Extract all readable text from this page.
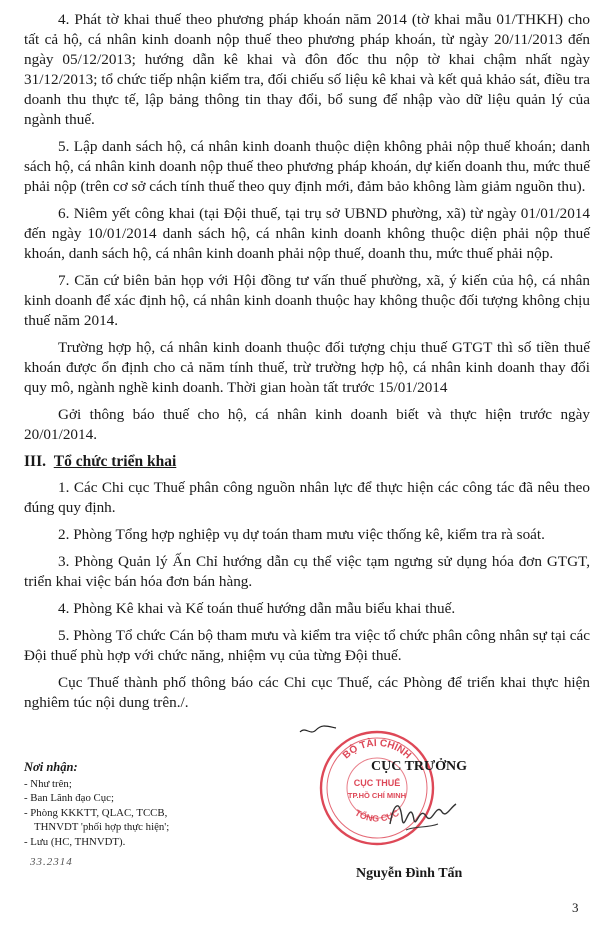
4. Phát tờ khai thuế theo phương pháp khoán năm 2014 (tờ khai mẫu 01/THKH) cho tất cả hộ, cá nhân kinh doanh nộp thuế theo phương pháp khoán, từ ngày 20/11/2013 đến ngày 05/12/2013; hướng dẫn kê khai và đôn đốc thu nộp tờ khai chậm nhất ngày 31/12/2013; tổ chức tiếp nhận kiểm tra, đối chiếu số liệu kê khai và kết quả khảo sát, điều tra doanh thu thực tế, lập bảng thông tin thay đổi, bổ sung để nhập vào dữ liệu quản lý của ngành thuế.

5. Lập danh sách hộ, cá nhân kinh doanh thuộc diện không phải nộp thuế khoán; danh sách hộ, cá nhân kinh doanh nộp thuế theo phương pháp khoán, dự kiến doanh thu, mức thuế phải nộp (trên cơ sở cách tính thuế theo quy định mới, đảm bảo không làm giảm nguồn thu).

6. Niêm yết công khai (tại Đội thuế, tại trụ sở UBND phường, xã) từ ngày 01/01/2014 đến ngày 10/01/2014 danh sách hộ, cá nhân kinh doanh không thuộc diện phải nộp thuế khoán, danh sách hộ, cá nhân kinh doanh phải nộp thuế, doanh thu, mức thuế phải nộp.

7. Căn cứ biên bản họp với Hội đồng tư vấn thuế phường, xã, ý kiến của hộ, cá nhân kinh doanh để xác định hộ, cá nhân kinh doanh thuộc hay không thuộc đối tượng không chịu thuế năm 2014.

Trường hợp hộ, cá nhân kinh doanh thuộc đối tượng chịu thuế GTGT thì số tiền thuế khoán được ổn định cho cả năm tính thuế, trừ trường hợp hộ, cá nhân kinh doanh thay đổi quy mô, ngành nghề kinh doanh. Thời gian hoàn tất trước 15/01/2014

Gởi thông báo thuế cho hộ, cá nhân kinh doanh biết và thực hiện trước ngày 20/01/2014.

III. Tổ chức triển khai

1. Các Chi cục Thuế phân công nguồn nhân lực để thực hiện các công tác đã nêu theo đúng quy định.

2. Phòng Tổng hợp nghiệp vụ dự toán tham mưu việc thống kê, kiểm tra rà soát.

3. Phòng Quản lý Ấn Chỉ hướng dẫn cụ thể việc tạm ngưng sử dụng hóa đơn GTGT, triển khai việc bán hóa đơn bán hàng.

4. Phòng Kê khai và Kế toán thuế hướng dẫn mẫu biểu khai thuế.

5. Phòng Tổ chức Cán bộ tham mưu và kiểm tra việc tổ chức phân công nhân sự tại các Đội thuế phù hợp với chức năng, nhiệm vụ của từng Đội thuế.

Cục Thuế thành phố thông báo các Chi cục Thuế, các Phòng để triển khai thực hiện nghiêm túc nội dung trên./.

Nơi nhận:
- Như trên;
- Ban Lãnh đạo Cục;
- Phòng KKKTT, QLAC, TCCB,
THNVDT 'phối hợp thực hiện';
- Lưu (HC, THNVDT).
33.2314
BỘ TÀI CHÍNH
TỔNG CỤC
CỤC THUẾ
TP.HỒ CHÍ MINH
CỤC TRƯỞNG
Nguyễn Đình Tấn
3
